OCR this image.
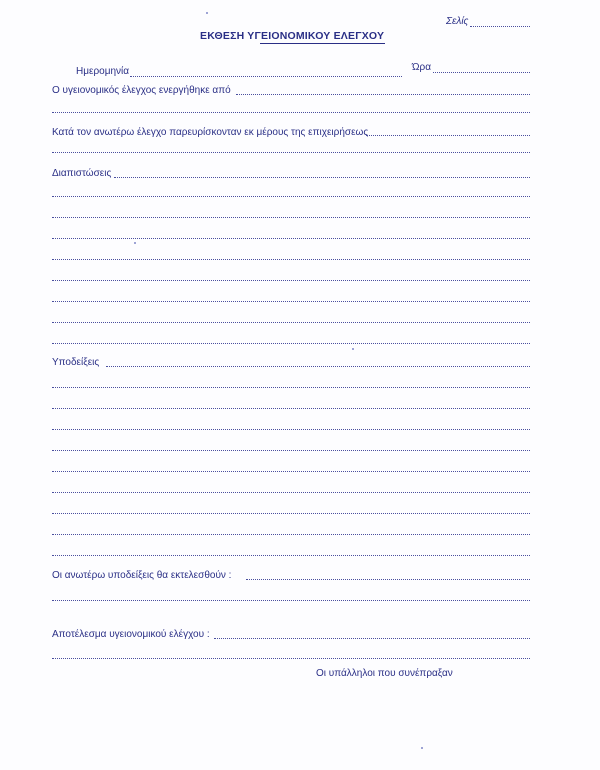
Σελίς
ΕΚΘΕΣΗ ΥΓΕΙΟΝΟΜΙΚΟΥ ΕΛΕΓΧΟΥ
Ημερομηνία	Ώρα
Ο υγειονομικός έλεγχος ενεργήθηκε από
Κατά τον ανωτέρω έλεγχο παρευρίσκονταν εκ μέρους της επιχειρήσεως
Διαπιστώσεις
Υποδείξεις
Οι ανωτέρω υποδείξεις θα εκτελεσθούν :
Αποτέλεσμα υγειονομικού ελέγχου :
Οι υπάλληλοι που συνέπραξαν
